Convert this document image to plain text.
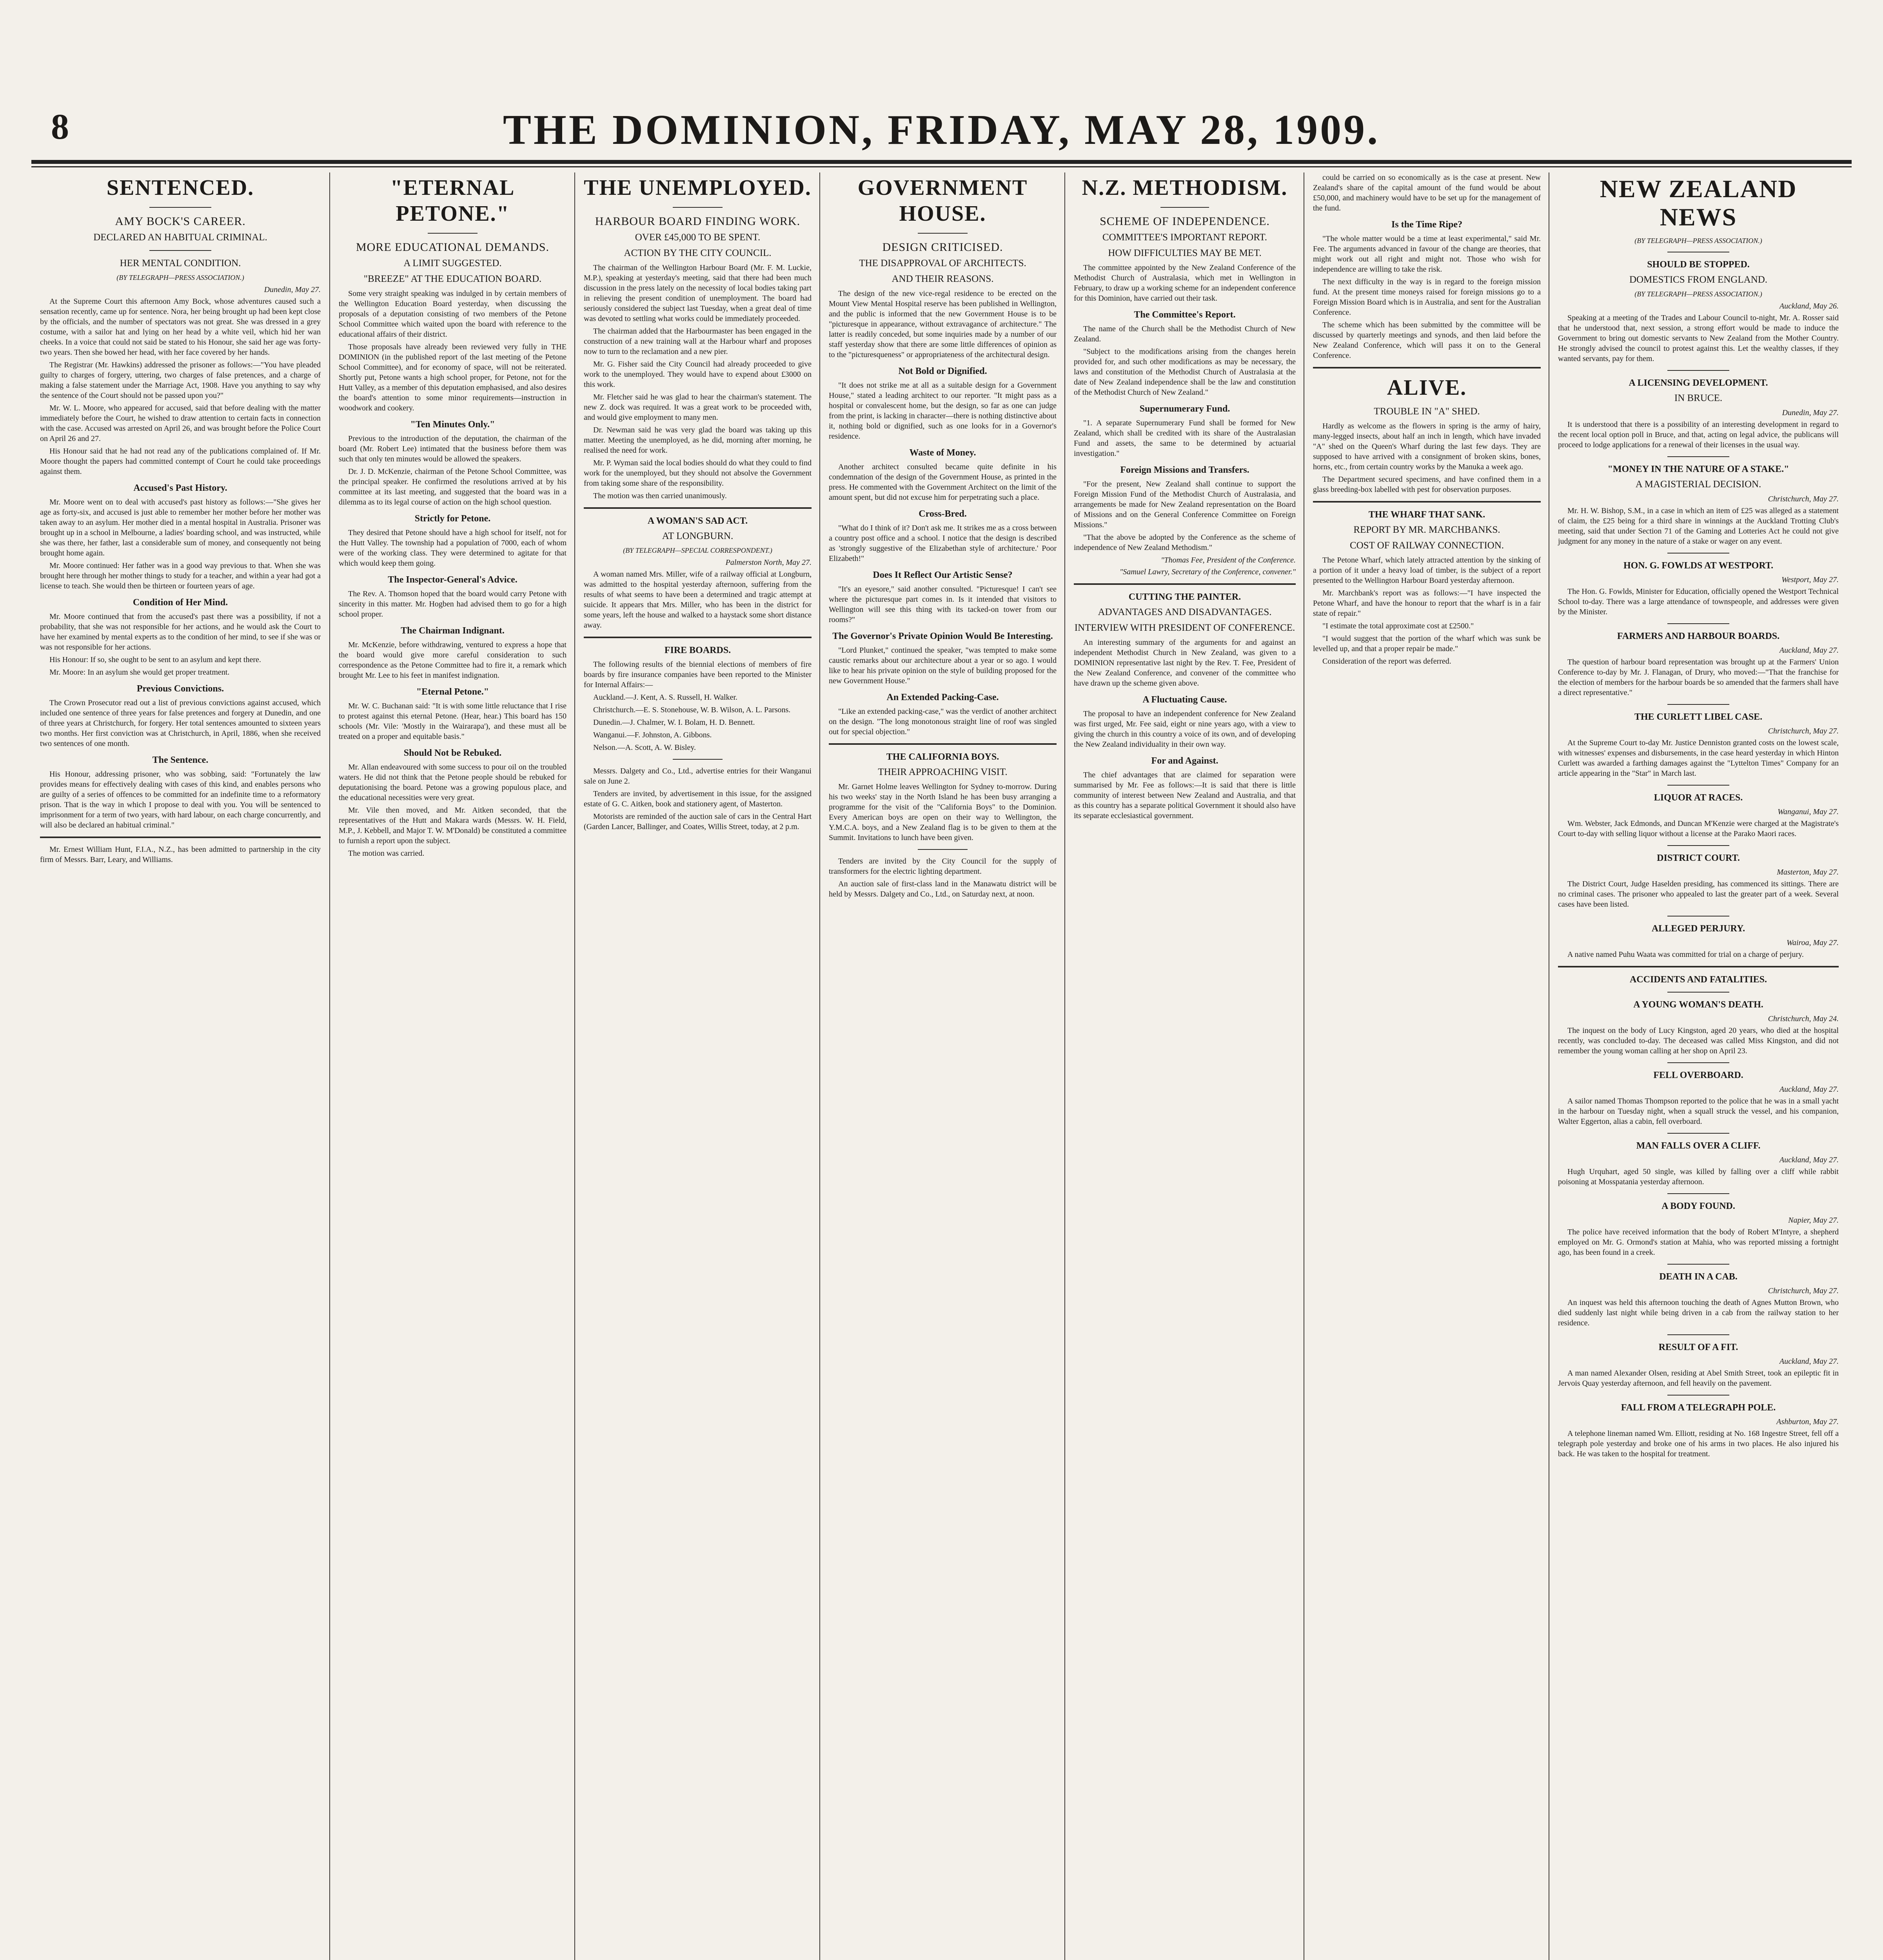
8	THE DOMINION, FRIDAY, MAY 28, 1909.
SENTENCED.
AMY BOCK'S CAREER.
DECLARED AN HABITUAL CRIMINAL.
HER MENTAL CONDITION.
(BY TELEGRAPH—PRESS ASSOCIATION.)
Dunedin, May 27.

At the Supreme Court this afternoon Amy Bock, whose adventures caused such a sensation recently, came up for sentence. Nora, her being brought up had been kept close by the officials, and the number of spectators was not great. She was dressed in a grey costume, with a sailor hat and lying on her head by a white veil, which hid her wan cheeks. In a voice that could not said be stated to his Honour, she said her age was forty-two years. Then she bowed her head, with her face covered by her hands.

The Registrar (Mr. Hawkins) addressed the prisoner as follows:—"You have pleaded guilty to charges of forgery, uttering, two charges of false pretences, and a charge of making a false statement under the Marriage Act, 1908. Have you anything to say why the sentence of the Court should not be passed upon you?"

Mr. W. L. Moore, who appeared for accused, said that before dealing with the matter immediately before the Court, he wished to draw attention to certain facts in connection with the case. Accused was arrested on April 26, and was brought before the Police Court on April 26 and 27.

His Honour said that he had not read any of the publications complained of. If Mr. Moore thought the papers had committed contempt of Court he could take proceedings against them.

Accused's Past History.

Mr. Moore went on to deal with accused's past history as follows:—"She gives her age as forty-six, and accused is just able to remember her mother before her mother was taken away to an asylum. Her mother died in a mental hospital in Australia. Prisoner was brought up in a school in Melbourne, a ladies' boarding school, and was instructed, while she was there, her father, last a considerable sum of money, and consequently not being brought home again.

Mr. Moore continued: Her father was in a good way previous to that. When she was brought here through her mother things to study for a teacher, and within a year had got a license to teach. She would then be thirteen or fourteen years of age.

Condition of Her Mind.

Mr. Moore continued that from the accused's past there was a possibility, if not a probability, that she was not responsible for her actions, and he would ask the Court to have her examined by mental experts as to the condition of her mind, to see if she was or was not responsible for her actions.

His Honour: If so, she ought to be sent to an asylum and kept there.

Mr. Moore: In an asylum she would get proper treatment.

Previous Convictions.

The Crown Prosecutor read out a list of previous convictions against accused, which included one sentence of three years for false pretences and forgery at Dunedin, and one of three years at Christchurch, for forgery. Her total sentences amounted to sixteen years two months. Her first conviction was at Christchurch, in April, 1886, when she received two sentences of one month.

The Sentence.

His Honour, addressing prisoner, who was sobbing, said: "Fortunately the law provides means for effectively dealing with cases of this kind, and enables persons who are guilty of a series of offences to be committed for an indefinite time to a reformatory prison. That is the way in which I propose to deal with you. You will be sentenced to imprisonment for a term of two years, with hard labour, on each charge concurrently, and will also be declared an habitual criminal."

Mr. Ernest William Hunt, F.I.A., N.Z., has been admitted to partnership in the city firm of Messrs. Barr, Leary, and Williams.

"ETERNAL PETONE."
MORE EDUCATIONAL DEMANDS.
A LIMIT SUGGESTED.
"BREEZE" AT THE EDUCATION BOARD.

Some very straight speaking was indulged in by certain members of the Wellington Education Board yesterday, when discussing the proposals of a deputation consisting of two members of the Petone School Committee which waited upon the board with reference to the educational affairs of their district.

Those proposals have already been reviewed very fully in THE DOMINION (in the published report of the last meeting of the Petone School Committee), and for economy of space, will not be reiterated. Shortly put, Petone wants a high school proper, for Petone, not for the Hutt Valley, as a member of this deputation emphasised, and also desires the board's attention to some minor requirements—instruction in woodwork and cookery.

"Ten Minutes Only."

Previous to the introduction of the deputation, the chairman of the board (Mr. Robert Lee) intimated that the business before them was such that only ten minutes would be allowed the speakers.

Dr. J. D. McKenzie, chairman of the Petone School Committee, was the principal speaker. He confirmed the resolutions arrived at by his committee at its last meeting, and suggested that the board was in a dilemma as to its legal course of action on the high school question.

Strictly for Petone.

They desired that Petone should have a high school for itself, not for the Hutt Valley. The township had a population of 7000, each of whom were of the working class. They were determined to agitate for that which would keep them going.

The Inspector-General's Advice.

The Rev. A. Thomson hoped that the board would carry Petone with sincerity in this matter. Mr. Hogben had advised them to go for a high school proper.

The Chairman Indignant.

Mr. McKenzie, before withdrawing, ventured to express a hope that the board would give more careful consideration to such correspondence as the Petone Committee had to fire it, a remark which brought Mr. Lee to his feet in manifest indignation.

"Eternal Petone."

Mr. W. C. Buchanan said: "It is with some little reluctance that I rise to protest against this eternal Petone. (Hear, hear.) This board has 150 schools (Mr. Vile: 'Mostly in the Wairarapa'), and these must all be treated on a proper and equitable basis."

Should Not be Rebuked.

Mr. Allan endeavoured with some success to pour oil on the troubled waters. He did not think that the Petone people should be rebuked for deputationising the board. Petone was a growing populous place, and the educational necessities were very great.

Mr. Vile then moved, and Mr. Aitken seconded, that the representatives of the Hutt and Makara wards (Messrs. W. H. Field, M.P., J. Kebbell, and Major T. W. M'Donald) be constituted a committee to furnish a report upon the subject.

The motion was carried.

THE UNEMPLOYED.
HARBOUR BOARD FINDING WORK.
OVER £45,000 TO BE SPENT.
ACTION BY THE CITY COUNCIL.

The chairman of the Wellington Harbour Board (Mr. F. M. Luckie, M.P.), speaking at yesterday's meeting, said that there had been much discussion in the press lately on the necessity of local bodies taking part in relieving the present condition of unemployment. The board had seriously considered the subject last Tuesday, when a great deal of time was devoted to settling what works could be immediately proceeded.

The chairman added that the Harbourmaster has been engaged in the construction of a new training wall at the Harbour wharf and proposes now to turn to the reclamation and a new pier.

Mr. G. Fisher said the City Council had already proceeded to give work to the unemployed. They would have to expend about £3000 on this work.

Mr. Fletcher said he was glad to hear the chairman's statement. The new Z. dock was required. It was a great work to be proceeded with, and would give employment to many men.

Dr. Newman said he was very glad the board was taking up this matter. Meeting the unemployed, as he did, morning after morning, he realised the need for work.

Mr. P. Wyman said the local bodies should do what they could to find work for the unemployed, but they should not absolve the Government from taking some share of the responsibility.

The motion was then carried unanimously.

A WOMAN'S SAD ACT.
AT LONGBURN.
(BY TELEGRAPH—SPECIAL CORRESPONDENT.)
Palmerston North, May 27.

A woman named Mrs. Miller, wife of a railway official at Longburn, was admitted to the hospital yesterday afternoon, suffering from the results of what seems to have been a determined and tragic attempt at suicide. It appears that Mrs. Miller, who has been in the district for some years, left the house and walked to a haystack some short distance away.

FIRE BOARDS.

The following results of the biennial elections of members of fire boards by fire insurance companies have been reported to the Minister for Internal Affairs:—

Auckland.—J. Kent, A. S. Russell, H. Walker.

Christchurch.—E. S. Stonehouse, W. B. Wilson, A. L. Parsons.

Dunedin.—J. Chalmer, W. I. Bolam, H. D. Bennett.

Wanganui.—F. Johnston, A. Gibbons.

Nelson.—A. Scott, A. W. Bisley.

Messrs. Dalgety and Co., Ltd., advertise entries for their Wanganui sale on June 2.

Tenders are invited, by advertisement in this issue, for the assigned estate of G. C. Aitken, book and stationery agent, of Masterton.

Motorists are reminded of the auction sale of cars in the Central Hart (Garden Lancer, Ballinger, and Coates, Willis Street, today, at 2 p.m.

GOVERNMENT HOUSE.
DESIGN CRITICISED.
THE DISAPPROVAL OF ARCHITECTS.
AND THEIR REASONS.

The design of the new vice-regal residence to be erected on the Mount View Mental Hospital reserve has been published in Wellington, and the public is informed that the new Government House is to be "picturesque in appearance, without extravagance of architecture." The latter is readily conceded, but some inquiries made by a number of our staff yesterday show that there are some little differences of opinion as to the "picturesqueness" or appropriateness of the architectural design.

Not Bold or Dignified.

"It does not strike me at all as a suitable design for a Government House," stated a leading architect to our reporter. "It might pass as a hospital or convalescent home, but the design, so far as one can judge from the print, is lacking in character—there is nothing distinctive about it, nothing bold or dignified, such as one looks for in a Governor's residence.

Waste of Money.

Another architect consulted became quite definite in his condemnation of the design of the Government House, as printed in the press. He commented with the Government Architect on the limit of the amount spent, but did not excuse him for perpetrating such a place.

Cross-Bred.

"What do I think of it? Don't ask me. It strikes me as a cross between a country post office and a school. I notice that the design is described as 'strongly suggestive of the Elizabethan style of architecture.' Poor Elizabeth!"

Does It Reflect Our Artistic Sense?

"It's an eyesore," said another consulted. "Picturesque! I can't see where the picturesque part comes in. Is it intended that visitors to Wellington will see this thing with its tacked-on tower from our rooms?"

The Governor's Private Opinion Would Be Interesting.

"Lord Plunket," continued the speaker, "was tempted to make some caustic remarks about our architecture about a year or so ago. I would like to hear his private opinion on the style of building proposed for the new Government House."

An Extended Packing-Case.

"Like an extended packing-case," was the verdict of another architect on the design. "The long monotonous straight line of roof was singled out for special objection."

THE CALIFORNIA BOYS.
THEIR APPROACHING VISIT.

Mr. Garnet Holme leaves Wellington for Sydney to-morrow. During his two weeks' stay in the North Island he has been busy arranging a programme for the visit of the "California Boys" to the Dominion. Every American boys are open on their way to Wellington, the Y.M.C.A. boys, and a New Zealand flag is to be given to them at the Summit. Invitations to lunch have been given.

Tenders are invited by the City Council for the supply of transformers for the electric lighting department.

An auction sale of first-class land in the Manawatu district will be held by Messrs. Dalgety and Co., Ltd., on Saturday next, at noon.

N.Z. METHODISM.
SCHEME OF INDEPENDENCE.
COMMITTEE'S IMPORTANT REPORT.
HOW DIFFICULTIES MAY BE MET.

The committee appointed by the New Zealand Conference of the Methodist Church of Australasia, which met in Wellington in February, to draw up a working scheme for an independent conference for this Dominion, have carried out their task.

The Committee's Report.

The name of the Church shall be the Methodist Church of New Zealand.

"Subject to the modifications arising from the changes herein provided for, and such other modifications as may be necessary, the laws and constitution of the Methodist Church of Australasia at the date of New Zealand independence shall be the law and constitution of the Methodist Church of New Zealand."

Supernumerary Fund.

"1. A separate Supernumerary Fund shall be formed for New Zealand, which shall be credited with its share of the Australasian Fund and assets, the same to be determined by actuarial investigation."

Foreign Missions and Transfers.

"For the present, New Zealand shall continue to support the Foreign Mission Fund of the Methodist Church of Australasia, and arrangements be made for New Zealand representation on the Board of Missions and on the General Conference Committee on Foreign Missions."

"That the above be adopted by the Conference as the scheme of independence of New Zealand Methodism."

"Thomas Fee, President of the Conference.
"Samuel Lawry, Secretary of the Conference, convener."
CUTTING THE PAINTER.
ADVANTAGES AND DISADVANTAGES.
INTERVIEW WITH PRESIDENT OF CONFERENCE.

An interesting summary of the arguments for and against an independent Methodist Church in New Zealand, was given to a DOMINION representative last night by the Rev. T. Fee, President of the New Zealand Conference, and convener of the committee who have drawn up the scheme given above.

A Fluctuating Cause.

The proposal to have an independent conference for New Zealand was first urged, Mr. Fee said, eight or nine years ago, with a view to giving the church in this country a voice of its own, and of developing the New Zealand individuality in their own way.

For and Against.

The chief advantages that are claimed for separation were summarised by Mr. Fee as follows:—It is said that there is little community of interest between New Zealand and Australia, and that as this country has a separate political Government it should also have its separate ecclesiastical government.

could be carried on so economically as is the case at present. New Zealand's share of the capital amount of the fund would be about £50,000, and machinery would have to be set up for the management of the fund.

Is the Time Ripe?

"The whole matter would be a time at least experimental," said Mr. Fee. The arguments advanced in favour of the change are theories, that might work out all right and might not. Those who wish for independence are willing to take the risk.

The next difficulty in the way is in regard to the foreign mission fund. At the present time moneys raised for foreign missions go to a Foreign Mission Board which is in Australia, and sent for the Australian Conference.

The scheme which has been submitted by the committee will be discussed by quarterly meetings and synods, and then laid before the New Zealand Conference, which will pass it on to the General Conference.

ALIVE.
TROUBLE IN "A" SHED.

Hardly as welcome as the flowers in spring is the army of hairy, many-legged insects, about half an inch in length, which have invaded "A" shed on the Queen's Wharf during the last few days. They are supposed to have arrived with a consignment of broken skins, bones, horns, etc., from certain country works by the Manuka a week ago.

The Department secured specimens, and have confined them in a glass breeding-box labelled with pest for observation purposes.

THE WHARF THAT SANK.
REPORT BY MR. MARCHBANKS.
COST OF RAILWAY CONNECTION.

The Petone Wharf, which lately attracted attention by the sinking of a portion of it under a heavy load of timber, is the subject of a report presented to the Wellington Harbour Board yesterday afternoon.

Mr. Marchbank's report was as follows:—"I have inspected the Petone Wharf, and have the honour to report that the wharf is in a fair state of repair."

"I estimate the total approximate cost at £2500."

"I would suggest that the portion of the wharf which was sunk be levelled up, and that a proper repair be made."

Consideration of the report was deferred.

NEW ZEALAND NEWS
(BY TELEGRAPH—PRESS ASSOCIATION.)
SHOULD BE STOPPED.
DOMESTICS FROM ENGLAND.
(BY TELEGRAPH—PRESS ASSOCIATION.)
Auckland, May 26.

Speaking at a meeting of the Trades and Labour Council to-night, Mr. A. Rosser said that he understood that, next session, a strong effort would be made to induce the Government to bring out domestic servants to New Zealand from the Mother Country. He strongly advised the council to protest against this. Let the wealthy classes, if they wanted servants, pay for them.

A LICENSING DEVELOPMENT.
IN BRUCE.
Dunedin, May 27.

It is understood that there is a possibility of an interesting development in regard to the recent local option poll in Bruce, and that, acting on legal advice, the publicans will proceed to lodge applications for a renewal of their licenses in the usual way.

"MONEY IN THE NATURE OF A STAKE."
A MAGISTERIAL DECISION.
Christchurch, May 27.

Mr. H. W. Bishop, S.M., in a case in which an item of £25 was alleged as a statement of claim, the £25 being for a third share in winnings at the Auckland Trotting Club's meeting, said that under Section 71 of the Gaming and Lotteries Act he could not give judgment for any money in the nature of a stake or wager on any event.

HON. G. FOWLDS AT WESTPORT.
Westport, May 27.

The Hon. G. Fowlds, Minister for Education, officially opened the Westport Technical School to-day. There was a large attendance of townspeople, and addresses were given by the Minister.

FARMERS AND HARBOUR BOARDS.
Auckland, May 27.

The question of harbour board representation was brought up at the Farmers' Union Conference to-day by Mr. J. Flanagan, of Drury, who moved:—"That the franchise for the election of members for the harbour boards be so amended that the farmers shall have a direct representative."

THE CURLETT LIBEL CASE.
Christchurch, May 27.

At the Supreme Court to-day Mr. Justice Denniston granted costs on the lowest scale, with witnesses' expenses and disbursements, in the case heard yesterday in which Hinton Curlett was awarded a farthing damages against the "Lyttelton Times" Company for an article appearing in the "Star" in March last.

LIQUOR AT RACES.
Wanganui, May 27.

Wm. Webster, Jack Edmonds, and Duncan M'Kenzie were charged at the Magistrate's Court to-day with selling liquor without a license at the Parako Maori races.

DISTRICT COURT.
Masterton, May 27.

The District Court, Judge Haselden presiding, has commenced its sittings. There are no criminal cases. The prisoner who appealed to last the greater part of a week. Several cases have been listed.

ALLEGED PERJURY.
Wairoa, May 27.

A native named Puhu Waata was committed for trial on a charge of perjury.

ACCIDENTS AND FATALITIES.
A YOUNG WOMAN'S DEATH.
Christchurch, May 24.

The inquest on the body of Lucy Kingston, aged 20 years, who died at the hospital recently, was concluded to-day. The deceased was called Miss Kingston, and did not remember the young woman calling at her shop on April 23.

FELL OVERBOARD.
Auckland, May 27.

A sailor named Thomas Thompson reported to the police that he was in a small yacht in the harbour on Tuesday night, when a squall struck the vessel, and his companion, Walter Eggerton, alias a cabin, fell overboard.

MAN FALLS OVER A CLIFF.
Auckland, May 27.

Hugh Urquhart, aged 50 single, was killed by falling over a cliff while rabbit poisoning at Mosspatania yesterday afternoon.

A BODY FOUND.
Napier, May 27.

The police have received information that the body of Robert M'Intyre, a shepherd employed on Mr. G. Ormond's station at Mahia, who was reported missing a fortnight ago, has been found in a creek.

DEATH IN A CAB.
Christchurch, May 27.

An inquest was held this afternoon touching the death of Agnes Mutton Brown, who died suddenly last night while being driven in a cab from the railway station to her residence.

RESULT OF A FIT.
Auckland, May 27.

A man named Alexander Olsen, residing at Abel Smith Street, took an epileptic fit in Jervois Quay yesterday afternoon, and fell heavily on the pavement.

FALL FROM A TELEGRAPH POLE.
Ashburton, May 27.

A telephone lineman named Wm. Elliott, residing at No. 168 Ingestre Street, fell off a telegraph pole yesterday and broke one of his arms in two places. He also injured his back. He was taken to the hospital for treatment.
